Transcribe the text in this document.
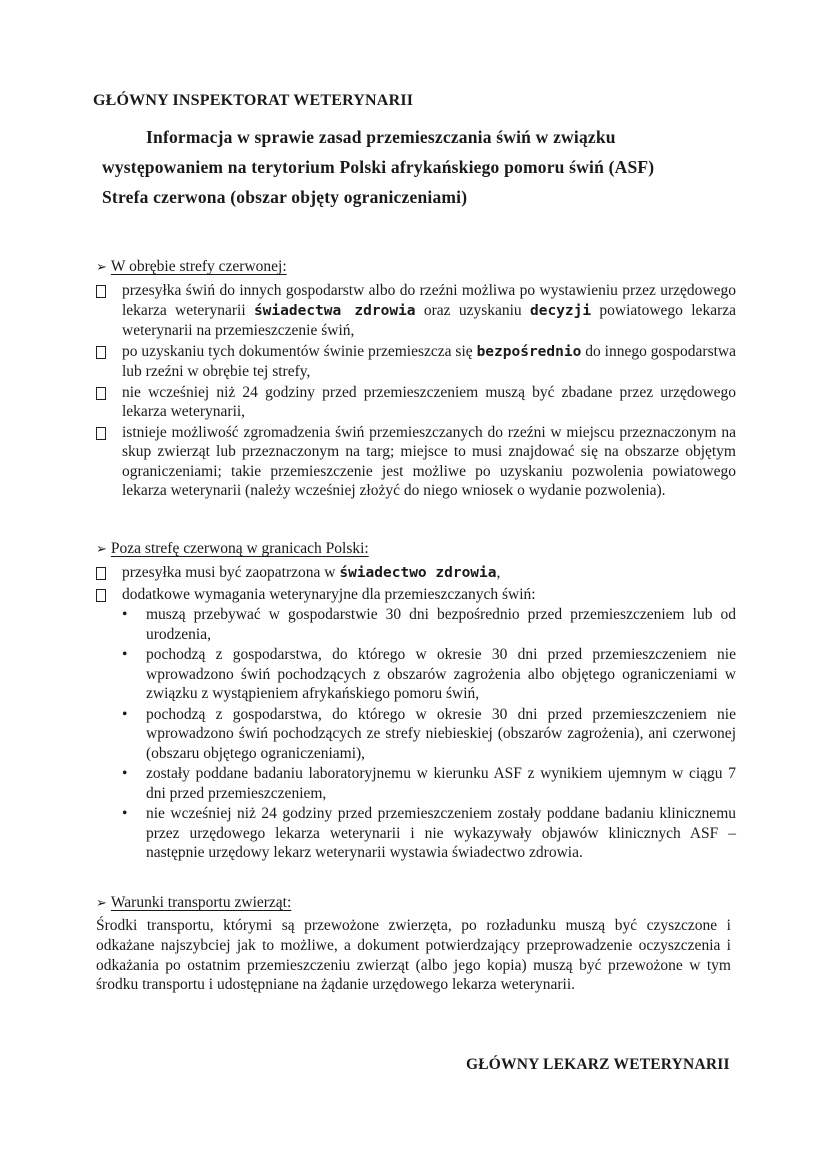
GŁÓWNY INSPEKTORAT WETERYNARII
Informacja w sprawie zasad przemieszczania świń w związku
występowaniem na terytorium Polski afrykańskiego pomoru świń (ASF)
Strefa czerwona (obszar objęty ograniczeniami)
➢ W obrębie strefy czerwonej:
przesyłka świń do innych gospodarstw albo do rzeźni możliwa po wystawieniu przez urzędowego lekarza weterynarii świadectwa zdrowia oraz uzyskaniu decyzji powiatowego lekarza weterynarii na przemieszczenie świń,
po uzyskaniu tych dokumentów świnie przemieszcza się bezpośrednio do innego gospodarstwa lub rzeźni w obrębie tej strefy,
nie wcześniej niż 24 godziny przed przemieszczeniem muszą być zbadane przez urzędowego lekarza weterynarii,
istnieje możliwość zgromadzenia świń przemieszczanych do rzeźni w miejscu przeznaczonym na skup zwierząt lub przeznaczonym na targ; miejsce to musi znajdować się na obszarze objętym ograniczeniami; takie przemieszczenie jest możliwe po uzyskaniu pozwolenia powiatowego lekarza weterynarii (należy wcześniej złożyć do niego wniosek o wydanie pozwolenia).
➢ Poza strefę czerwoną w granicach Polski:
przesyłka musi być zaopatrzona w świadectwo zdrowia,
dodatkowe wymagania weterynaryjne dla przemieszczanych świń:
• muszą przebywać w gospodarstwie 30 dni bezpośrednio przed przemieszczeniem lub od urodzenia,
• pochodzą z gospodarstwa, do którego w okresie 30 dni przed przemieszczeniem nie wprowadzono świń pochodzących z obszarów zagrożenia albo objętego ograniczeniami w związku z wystąpieniem afrykańskiego pomoru świń,
• pochodzą z gospodarstwa, do którego w okresie 30 dni przed przemieszczeniem nie wprowadzono świń pochodzących ze strefy niebieskiej (obszarów zagrożenia), ani czerwonej (obszaru objętego ograniczeniami),
• zostały poddane badaniu laboratoryjnemu w kierunku ASF z wynikiem ujemnym w ciągu 7 dni przed przemieszczeniem,
• nie wcześniej niż 24 godziny przed przemieszczeniem zostały poddane badaniu klinicznemu przez urzędowego lekarza weterynarii i nie wykazywały objawów klinicznych ASF – następnie urzędowy lekarz weterynarii wystawia świadectwo zdrowia.
➢ Warunki transportu zwierząt:
Środki transportu, którymi są przewożone zwierzęta, po rozładunku muszą być czyszczone i odkażane najszybciej jak to możliwe, a dokument potwierdzający przeprowadzenie oczyszczenia i odkażania po ostatnim przemieszczeniu zwierząt (albo jego kopia) muszą być przewożone w tym środku transportu i udostępniane na żądanie urzędowego lekarza weterynarii.
GŁÓWNY LEKARZ WETERYNARII
